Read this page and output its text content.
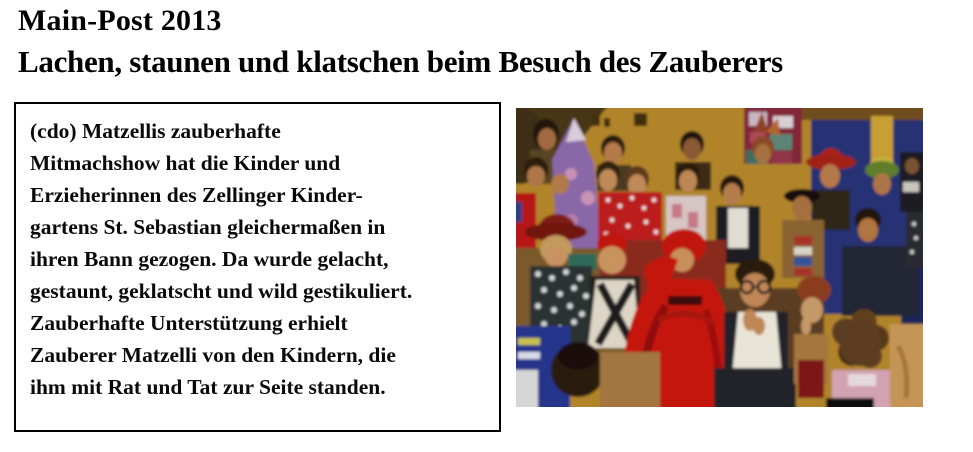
Main-Post 2013
Lachen, staunen und klatschen beim Besuch des Zauberers
(cdo) Matzellis zauberhafte
Mitmachshow hat die Kinder und
Erzieherinnen des Zellinger Kinder-
gartens St. Sebastian gleichermaßen in
ihren Bann gezogen. Da wurde gelacht,
gestaunt, geklatscht und wild gestikuliert.
Zauberhafte Unterstützung erhielt
Zauberer Matzelli von den Kindern, die
ihm mit Rat und Tat zur Seite standen.
